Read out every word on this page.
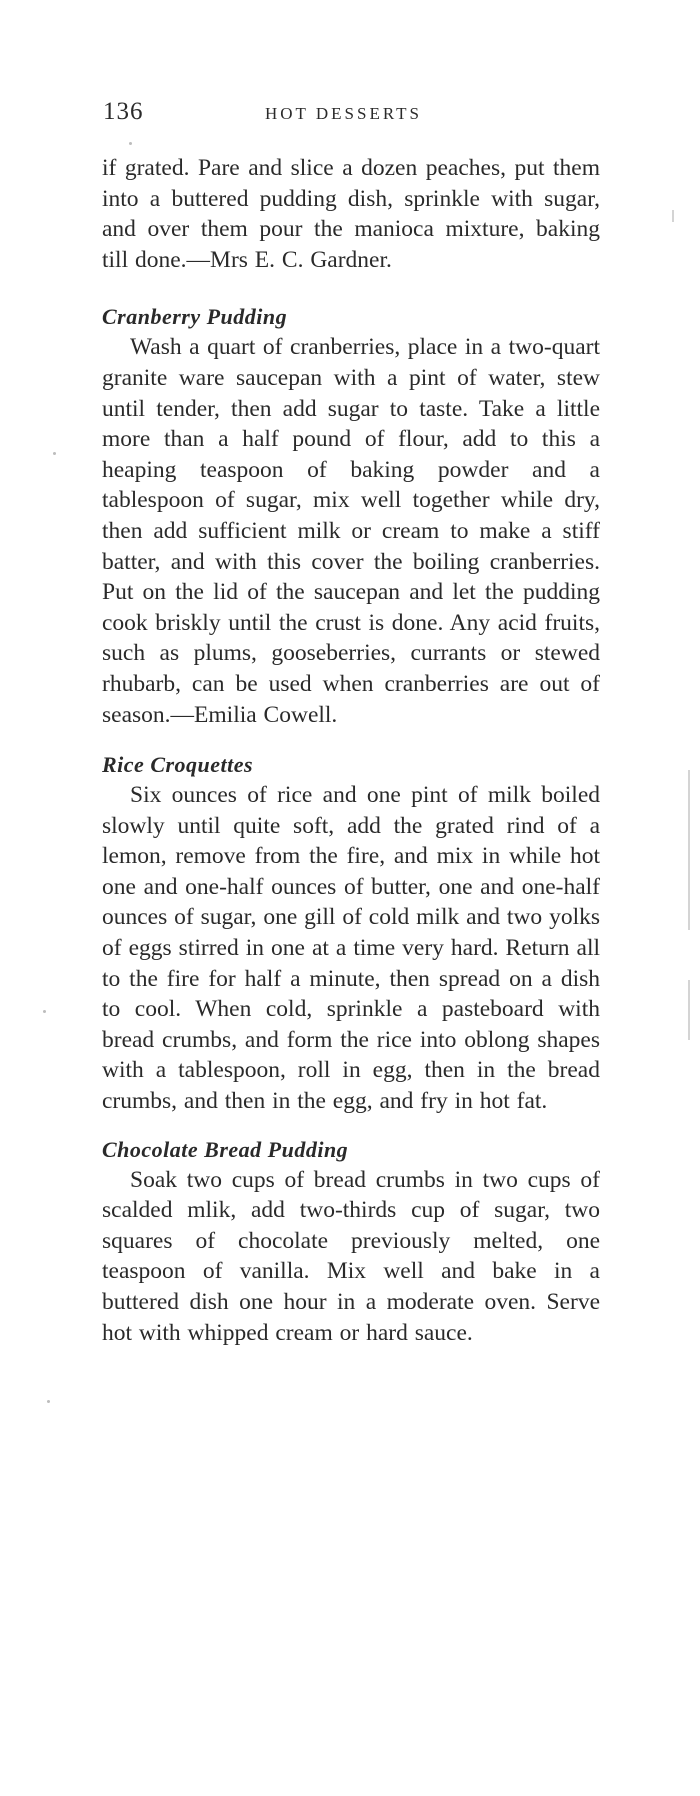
136	HOT DESSERTS

if grated. Pare and slice a dozen peaches, put them into a buttered pudding dish, sprinkle with sugar, and over them pour the manioca mixture, baking till done.—Mrs E. C. Gardner.

Cranberry Pudding

Wash a quart of cranberries, place in a two-quart granite ware saucepan with a pint of water, stew until tender, then add sugar to taste. Take a little more than a half pound of flour, add to this a heaping teaspoon of baking powder and a tablespoon of sugar, mix well together while dry, then add sufficient milk or cream to make a stiff batter, and with this cover the boiling cranberries. Put on the lid of the saucepan and let the pudding cook briskly until the crust is done. Any acid fruits, such as plums, gooseberries, currants or stewed rhubarb, can be used when cranberries are out of season.—Emilia Cowell.

Rice Croquettes

Six ounces of rice and one pint of milk boiled slowly until quite soft, add the grated rind of a lemon, remove from the fire, and mix in while hot one and one-half ounces of butter, one and one-half ounces of sugar, one gill of cold milk and two yolks of eggs stirred in one at a time very hard. Return all to the fire for half a minute, then spread on a dish to cool. When cold, sprinkle a pasteboard with bread crumbs, and form the rice into oblong shapes with a tablespoon, roll in egg, then in the bread crumbs, and then in the egg, and fry in hot fat.

Chocolate Bread Pudding

Soak two cups of bread crumbs in two cups of scalded mlik, add two-thirds cup of sugar, two squares of chocolate previously melted, one teaspoon of vanilla. Mix well and bake in a buttered dish one hour in a moderate oven. Serve hot with whipped cream or hard sauce.
